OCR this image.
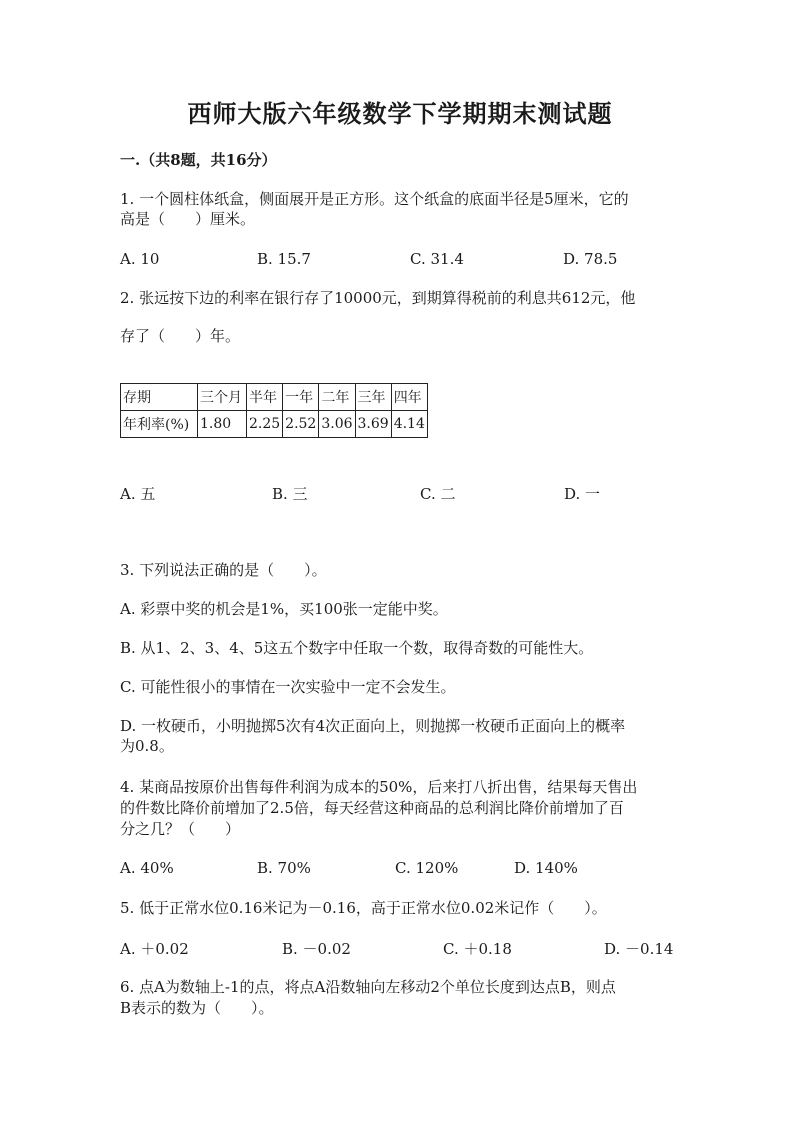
西师大版六年级数学下学期期末测试题
一.（共8题，共16分）
1. 一个圆柱体纸盒，侧面展开是正方形。这个纸盒的底面半径是5厘米，它的
高是（　　）厘米。
A. 10	B. 15.7	C. 31.4	D. 78.5
2. 张远按下边的利率在银行存了10000元，到期算得税前的利息共612元，他
存了（　　）年。
存期	三个月	半年	一年	二年	三年	四年
年利率(%)	1.80	2.25	2.52	3.06	3.69	4.14
A. 五	B. 三	C. 二	D. 一
3. 下列说法正确的是（　　）。
A. 彩票中奖的机会是1%，买100张一定能中奖。
B. 从1、2、3、4、5这五个数字中任取一个数，取得奇数的可能性大。
C. 可能性很小的事情在一次实验中一定不会发生。
D. 一枚硬币，小明抛掷5次有4次正面向上，则抛掷一枚硬币正面向上的概率
为0.8。
4. 某商品按原价出售每件利润为成本的50%，后来打八折出售，结果每天售出
的件数比降价前增加了2.5倍，每天经营这种商品的总利润比降价前增加了百
分之几？（　　）
A. 40%	B. 70%	C. 120%	D. 140%
5. 低于正常水位0.16米记为－0.16，高于正常水位0.02米记作（　　）。
A. ＋0.02	B. －0.02	C. ＋0.18	D. －0.14
6. 点A为数轴上-1的点，将点A沿数轴向左移动2个单位长度到达点B，则点
B表示的数为（　　）。
